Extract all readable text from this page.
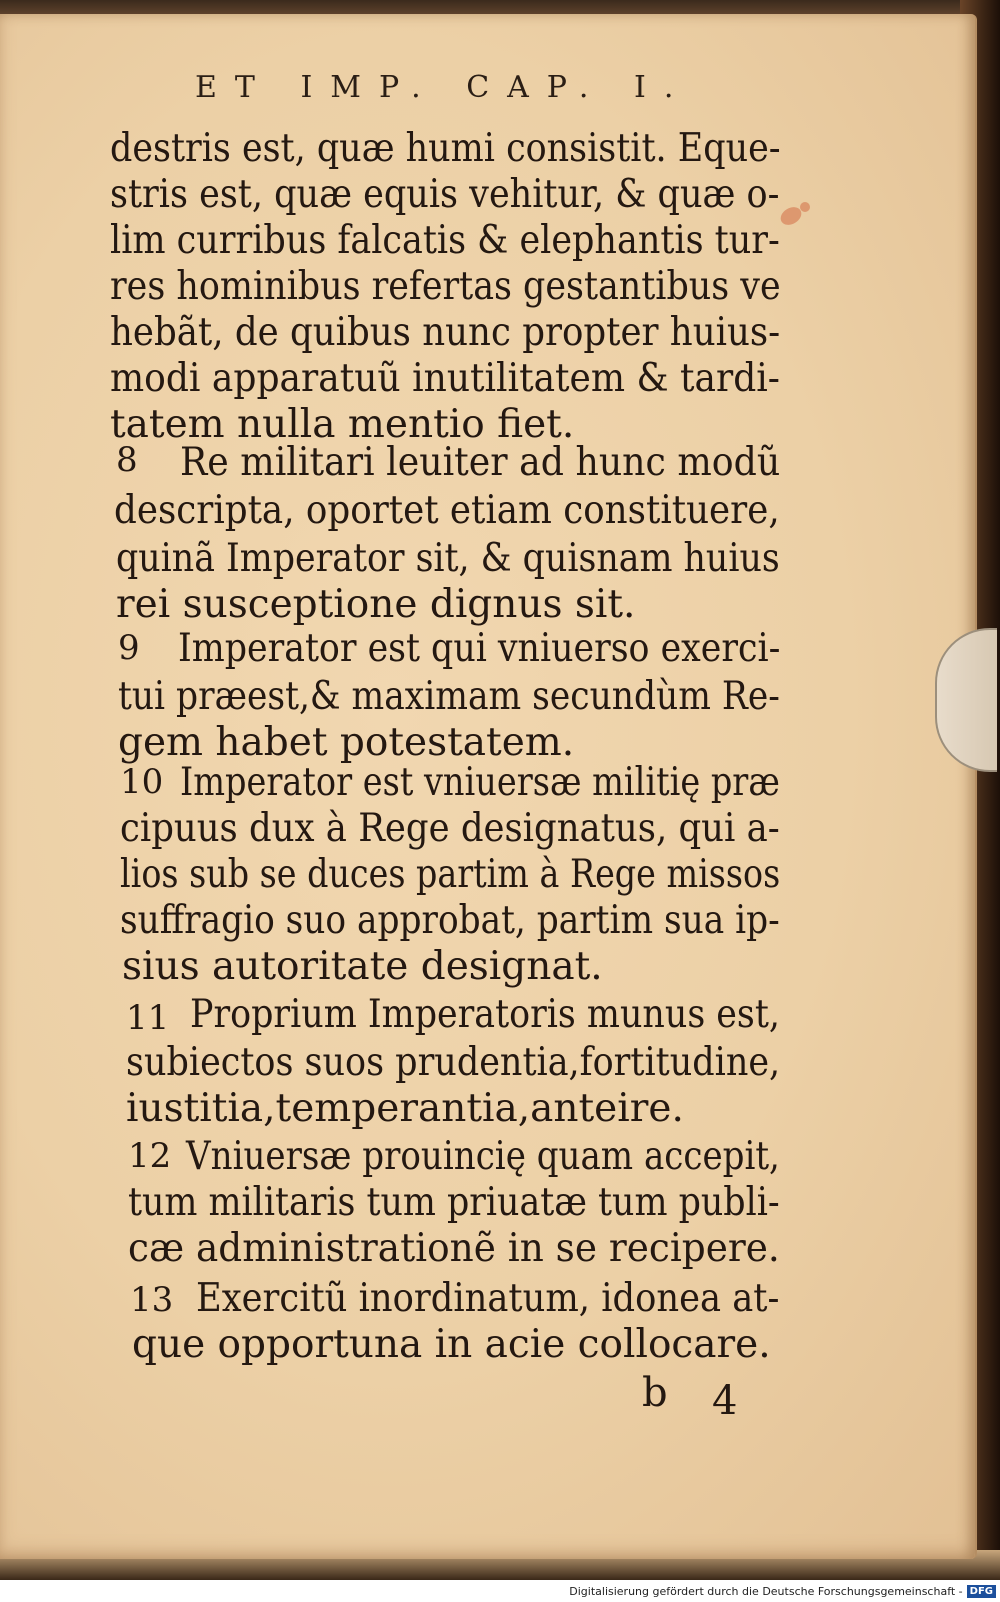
ET IMP. CAP. I.
destris est, quæ humi consistit. Eque-
stris est, quæ equis vehitur, & quæ o-
lim curribus falcatis & elephantis tur-
res hominibus refertas gestantibus ve
hebãt, de quibus nunc propter huius-
modi apparatuũ inutilitatem & tardi-
tatem nulla mentio fiet.
8 Re militari leuiter ad hunc modũ
descripta, oportet etiam constituere,
quinã Imperator sit, & quisnam huius
rei susceptione dignus sit.
9 Imperator est qui vniuerso exerci-
tui præest,& maximam secundùm Re-
gem habet potestatem.
10 Imperator est vniuersæ militię præ
cipuus dux à Rege designatus, qui a-
lios sub se duces partim à Rege missos
suffragio suo approbat, partim sua ip-
sius autoritate designat.
11 Proprium Imperatoris munus est,
subiectos suos prudentia,fortitudine,
iustitia,temperantia,anteire.
12 Vniuersæ prouincię quam accepit,
tum militaris tum priuatæ tum publi-
cæ administrationẽ in se recipere.
13 Exercitũ inordinatum, idonea at-
que opportuna in acie collocare.
b 4
Digitalisierung gefördert durch die Deutsche Forschungsgemeinschaft - DFG
